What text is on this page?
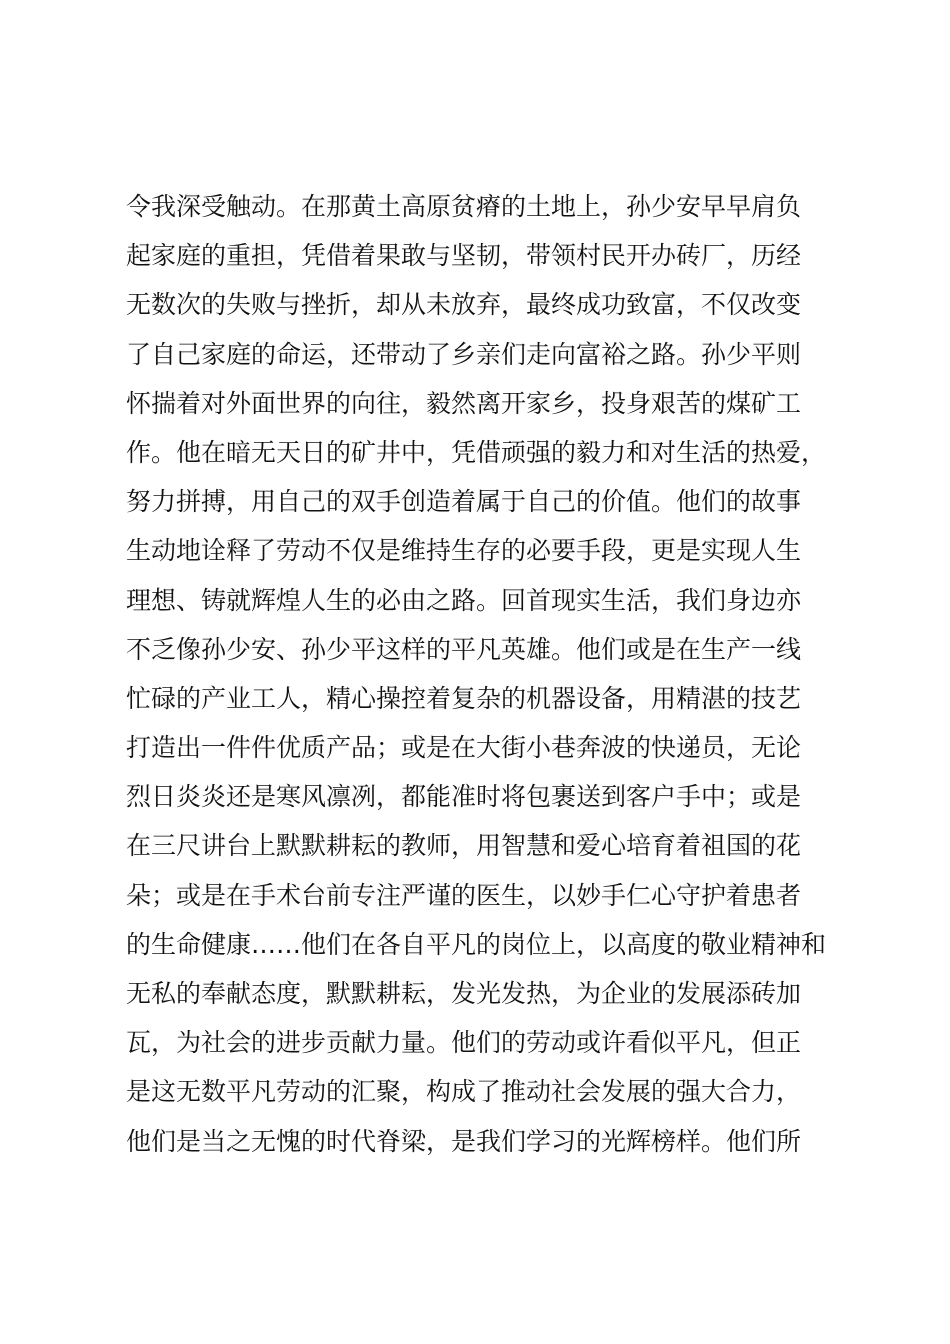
令我深受触动。在那黄土高原贫瘠的土地上，孙少安早早肩负
起家庭的重担，凭借着果敢与坚韧，带领村民开办砖厂，历经
无数次的失败与挫折，却从未放弃，最终成功致富，不仅改变
了自己家庭的命运，还带动了乡亲们走向富裕之路。孙少平则
怀揣着对外面世界的向往，毅然离开家乡，投身艰苦的煤矿工
作。他在暗无天日的矿井中，凭借顽强的毅力和对生活的热爱，
努力拼搏，用自己的双手创造着属于自己的价值。他们的故事
生动地诠释了劳动不仅是维持生存的必要手段，更是实现人生
理想、铸就辉煌人生的必由之路。回首现实生活，我们身边亦
不乏像孙少安、孙少平这样的平凡英雄。他们或是在生产一线
忙碌的产业工人，精心操控着复杂的机器设备，用精湛的技艺
打造出一件件优质产品；或是在大街小巷奔波的快递员，无论
烈日炎炎还是寒风凛冽，都能准时将包裹送到客户手中；或是
在三尺讲台上默默耕耘的教师，用智慧和爱心培育着祖国的花
朵；或是在手术台前专注严谨的医生，以妙手仁心守护着患者
的生命健康……他们在各自平凡的岗位上，以高度的敬业精神和
无私的奉献态度，默默耕耘，发光发热，为企业的发展添砖加
瓦，为社会的进步贡献力量。他们的劳动或许看似平凡，但正
是这无数平凡劳动的汇聚，构成了推动社会发展的强大合力，
他们是当之无愧的时代脊梁，是我们学习的光辉榜样。他们所
